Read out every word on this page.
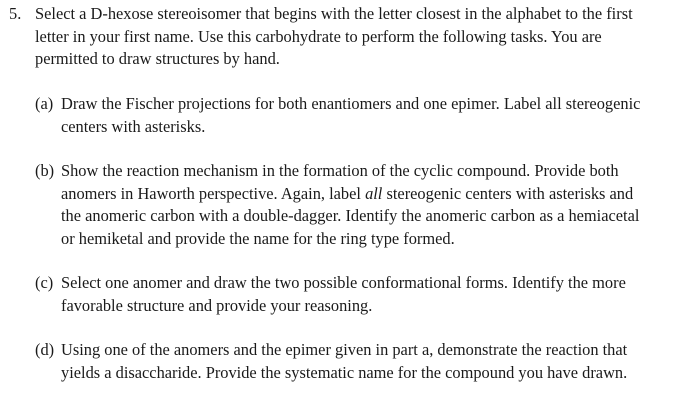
5. Select a D-hexose stereoisomer that begins with the letter closest in the alphabet to the first
letter in your first name. Use this carbohydrate to perform the following tasks. You are
permitted to draw structures by hand.
(a) Draw the Fischer projections for both enantiomers and one epimer. Label all stereogenic
centers with asterisks.
(b) Show the reaction mechanism in the formation of the cyclic compound. Provide both
anomers in Haworth perspective. Again, label all stereogenic centers with asterisks and
the anomeric carbon with a double-dagger. Identify the anomeric carbon as a hemiacetal
or hemiketal and provide the name for the ring type formed.
(c) Select one anomer and draw the two possible conformational forms. Identify the more
favorable structure and provide your reasoning.
(d) Using one of the anomers and the epimer given in part a, demonstrate the reaction that
yields a disaccharide. Provide the systematic name for the compound you have drawn.
